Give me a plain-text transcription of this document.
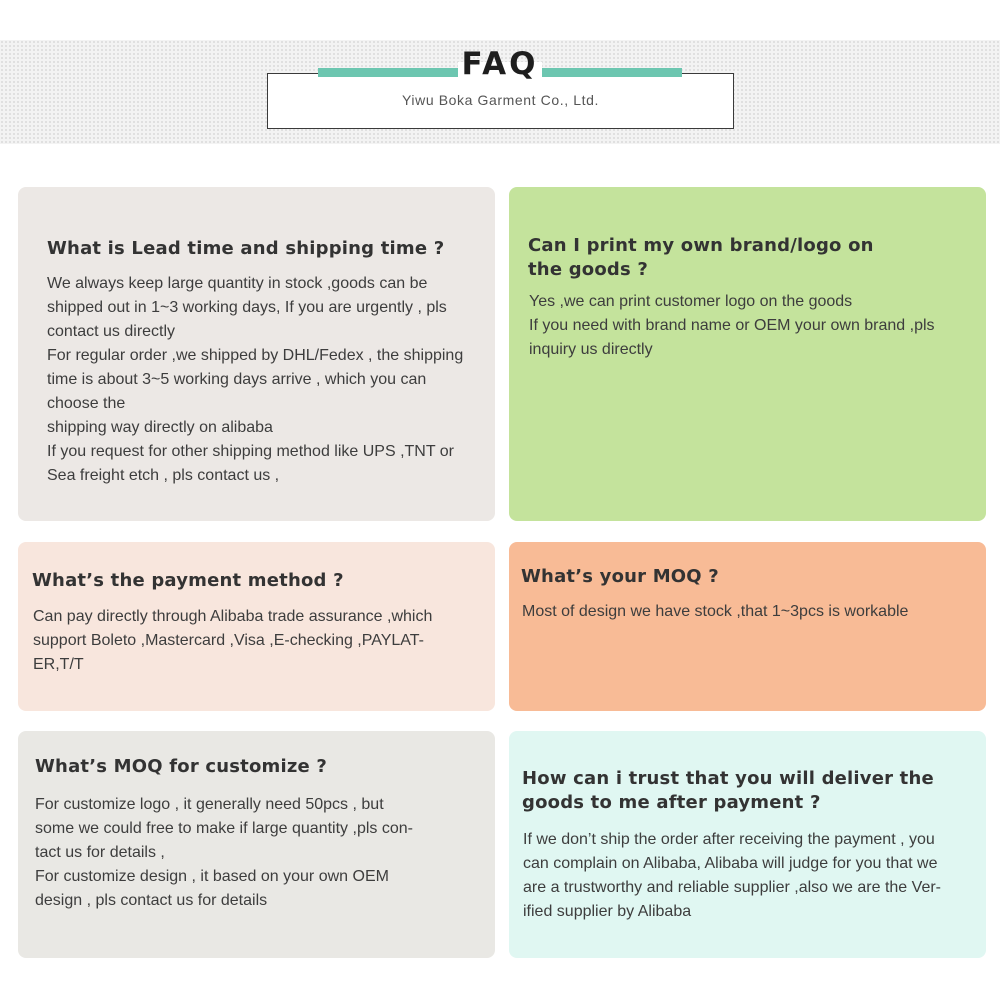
FAQ
Yiwu Boka Garment Co., Ltd.
What is Lead time and shipping time ?
We always keep large quantity in stock ,goods can be
shipped out in 1~3 working days, If you are urgently , pls
contact us directly
For regular order ,we shipped by DHL/Fedex , the shipping
time is about 3~5 working days arrive , which you can
choose the
shipping way directly on alibaba
If you request for other shipping method like UPS ,TNT or
Sea freight etch , pls contact us ,
Can I print my own brand/logo on
the goods ?
Yes ,we can print customer logo on the goods
If you need with brand name or OEM your own brand ,pls
inquiry us directly
What’s the payment method ?
Can pay directly through Alibaba trade assurance ,which
support Boleto ,Mastercard ,Visa ,E-checking ,PAYLAT-
ER,T/T
What’s your MOQ ?
Most of design we have stock ,that 1~3pcs is workable
What’s MOQ for customize ?
For customize logo , it generally need 50pcs , but
some we could free to make if large quantity ,pls con-
tact us for details ,
For customize design , it based on your own OEM
design , pls contact us for details
How can i trust that you will deliver the
goods to me after payment ?
If we don’t ship the order after receiving the payment , you
can complain on Alibaba, Alibaba will judge for you that we
are a trustworthy and reliable supplier ,also we are the Ver-
ified supplier by Alibaba
